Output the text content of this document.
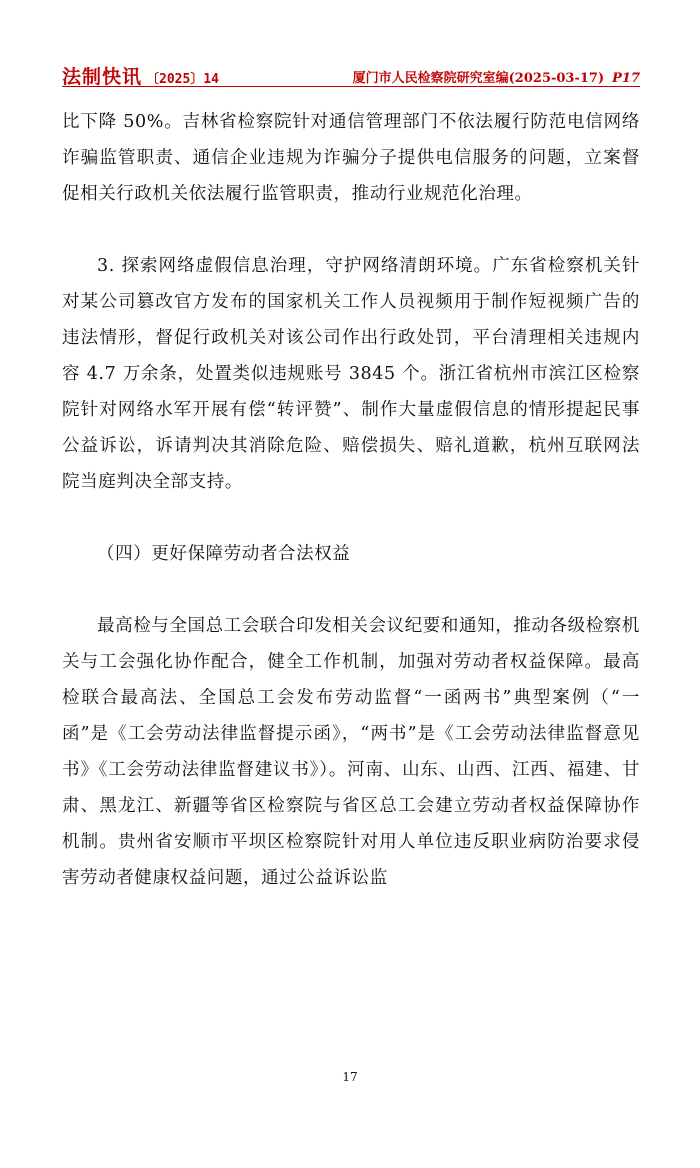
法制快讯 〔2025〕14	厦门市人民检察院研究室编(2025-03-17) P17

比下降 50%。吉林省检察院针对通信管理部门不依法履行防范电信网络诈骗监管职责、通信企业违规为诈骗分子提供电信服务的问题，立案督促相关行政机关依法履行监管职责，推动行业规范化治理。

3. 探索网络虚假信息治理，守护网络清朗环境。广东省检察机关针对某公司篡改官方发布的国家机关工作人员视频用于制作短视频广告的违法情形，督促行政机关对该公司作出行政处罚，平台清理相关违规内容 4.7 万余条，处置类似违规账号 3845 个。浙江省杭州市滨江区检察院针对网络水军开展有偿“转评赞”、制作大量虚假信息的情形提起民事公益诉讼，诉请判决其消除危险、赔偿损失、赔礼道歉，杭州互联网法院当庭判决全部支持。

（四）更好保障劳动者合法权益

最高检与全国总工会联合印发相关会议纪要和通知，推动各级检察机关与工会强化协作配合，健全工作机制，加强对劳动者权益保障。最高检联合最高法、全国总工会发布劳动监督“一函两书”典型案例（“一函”是《工会劳动法律监督提示函》，“两书”是《工会劳动法律监督意见书》《工会劳动法律监督建议书》）。河南、山东、山西、江西、福建、甘肃、黑龙江、新疆等省区检察院与省区总工会建立劳动者权益保障协作机制。贵州省安顺市平坝区检察院针对用人单位违反职业病防治要求侵害劳动者健康权益问题，通过公益诉讼监

17
